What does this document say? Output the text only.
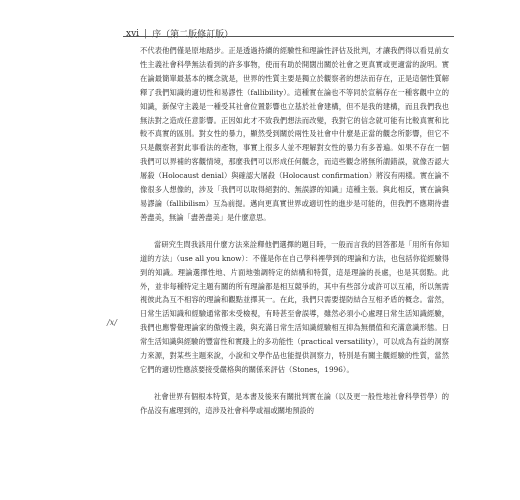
xvi | 序（第二版修訂版）
/x/

不代表他們僅是原地踏步。正是透過持續的經驗性和理論性評估及批判，才讓我們得以看見前女性主義社會科學無法看到的許多事物，使而有助於開闊出關於社會之更真實或更適當的說明。實在論最簡單最基本的概念就是，世界的性質主要是獨立於觀察者的想法而存在，正是這個性質解釋了我們知識的適切性和易謬性（fallibility）。這種實在論也不等同於宣稱存在一種客觀中立的知識，新保守主義是一種受其社會位置影響也立基於社會建構，但不是我的建構，而且我們我也無法對之造成任意影響。正因如此才不致我們想法而改變，我對它的信念就可能有比較真實和比較不真實的區別。對女性的暴力，顯然受到關於兩性及社會中什麼是正當的觀念所影響，但它不只是觀察者對此事看法的產物，事實上很多人並不理解對女性的暴力有多普遍。如果不存在一個我們可以界補的客觀情境，那麼我們可以形成任何觀念，而這些觀念將無所謂錯誤，就像否認大屠殺（Holocaust denial）與確認大屠殺（Holocaust confirmation）將沒有兩樣。實在論不像很多人想像的，涉及「我們可以取得絕對的、無誤謬的知識」這種主張。與此相反，實在論與易謬論（fallibilism）互為前提。邁向更真實世界或適切性的進步是可能的，但我們不應期待盡善盡美，無論「盡善盡美」是什麼意思。

當研究生問我該用什麼方法來詮釋他們選擇的題目時，一般而言我的回答都是「用所有你知道的方法」（use all you know）：不僅是你在自己學科裡學到的理論和方法，也包括你從經驗得到的知識。理論選擇性地、片面地強調特定的結構和特質，這是理論的長處，也是其弱點。此外，並非每種特定主題有關的所有理論都是相互競爭的，其中有些部分或許可以互補，所以無需視彼此為互不相容的理論和觀點並擇其一。在此，我們只需要提防結合互相矛盾的概念。當然，日常生活知識和經驗通常都未受檢視，有時甚至會誤導，雖然必須小心處理日常生活知識經驗，我們也應警覺理論家的傲慢主義，與充滿日常生活知識經驗相互抑為無價值和充滿意識形態。日常生活知識與經驗的豐富性和實踐上的多功能性（practical versatility），可以成為有益的洞察力來源，對某些主題來說，小說和文學作品也能提供洞察力，特別是有關主觀經驗的性質，當然它們的適切性應該要接受嚴格與的關係來評估（Stones，1996）。

社會世界有個根本特質，是本書及後來有關批判實在論（以及更一般性地社會科學哲學）的作品沒有處理到的，這涉及社會科學或福或關地預設的
